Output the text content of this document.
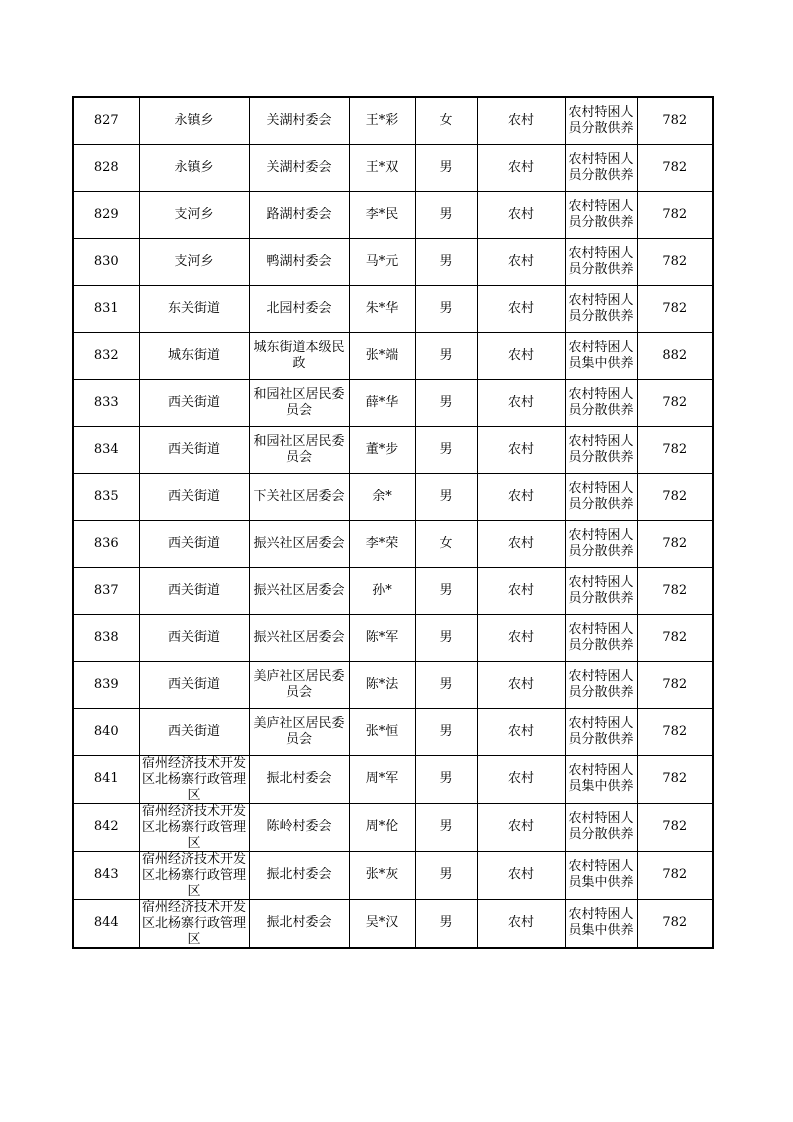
827	永镇乡	关湖村委会	王*彩	女	农村	农村特困人员分散供养	782

828	永镇乡	关湖村委会	王*双	男	农村	农村特困人员分散供养	782

829	支河乡	路湖村委会	李*民	男	农村	农村特困人员分散供养	782

830	支河乡	鸭湖村委会	马*元	男	农村	农村特困人员分散供养	782

831	东关街道	北园村委会	朱*华	男	农村	农村特困人员分散供养	782

832	城东街道	城东街道本级民政	张*端	男	农村	农村特困人员集中供养	882

833	西关街道	和园社区居民委员会	薛*华	男	农村	农村特困人员分散供养	782

834	西关街道	和园社区居民委员会	董*步	男	农村	农村特困人员分散供养	782

835	西关街道	下关社区居委会	余*	男	农村	农村特困人员分散供养	782

836	西关街道	振兴社区居委会	李*荣	女	农村	农村特困人员分散供养	782

837	西关街道	振兴社区居委会	孙*	男	农村	农村特困人员分散供养	782

838	西关街道	振兴社区居委会	陈*军	男	农村	农村特困人员分散供养	782

839	西关街道	美庐社区居民委员会	陈*法	男	农村	农村特困人员分散供养	782

840	西关街道	美庐社区居民委员会	张*恒	男	农村	农村特困人员分散供养	782

841	宿州经济技术开发区北杨寨行政管理区	振北村委会	周*军	男	农村	农村特困人员集中供养	782

842	宿州经济技术开发区北杨寨行政管理区	陈岭村委会	周*伦	男	农村	农村特困人员分散供养	782

843	宿州经济技术开发区北杨寨行政管理区	振北村委会	张*灰	男	农村	农村特困人员集中供养	782

844	宿州经济技术开发区北杨寨行政管理区	振北村委会	吴*汉	男	农村	农村特困人员集中供养	782
